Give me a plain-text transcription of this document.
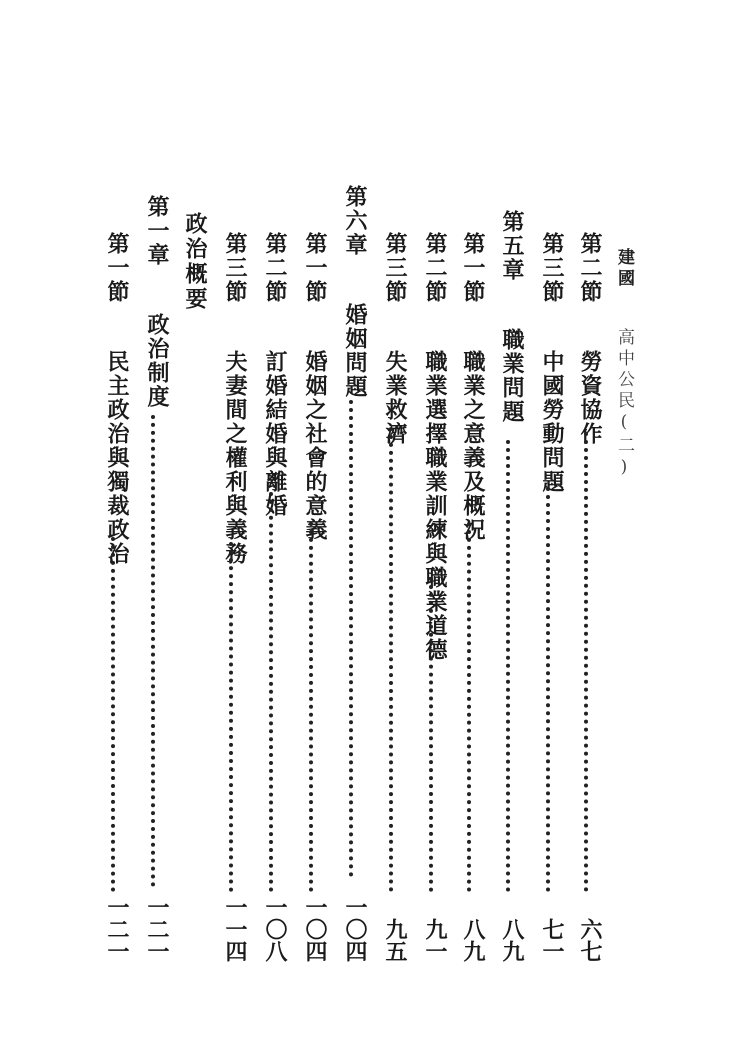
建國 高中公民(二)
第二節 勞資協作
六七
第三節 中國勞動問題
七一
第五章 職業問題
八九
第一節 職業之意義及概況
八九
第二節 職業選擇職業訓練與職業道德
九一
第三節 失業救濟
九五
第六章 婚姻問題
一〇四
第一節 婚姻之社會的意義
一〇四
第二節 訂婚結婚與離婚
一〇八
第三節 夫妻間之權利與義務
一一四
政治概要
第一章 政治制度
一二一
第一節 民主政治與獨裁政治
一二一
